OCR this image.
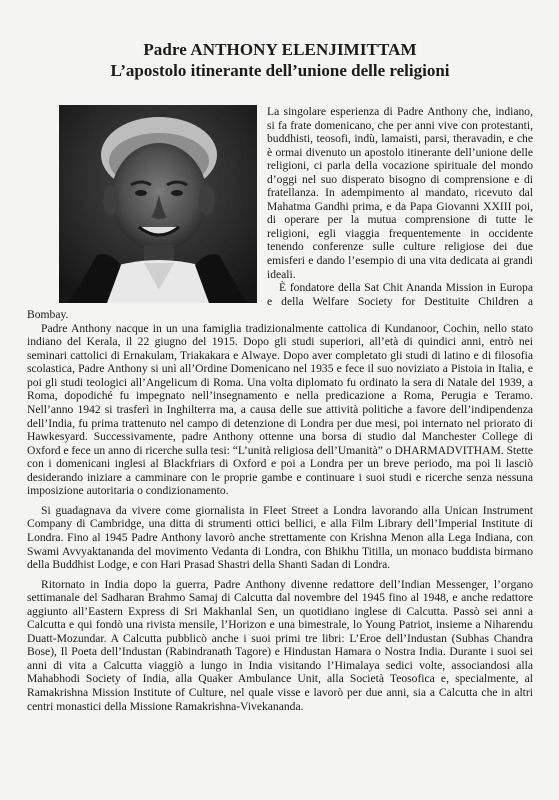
Padre ANTHONY ELENJIMITTAM
L’apostolo itinerante dell’unione delle religioni

La singolare esperienza di Padre Anthony che, indiano, si fa frate domenicano, che per anni vive con protestanti, buddhisti, teosofi, indù, lamaisti, parsi, theravadin, e che è ormai divenuto un apostolo itinerante dell’unione delle religioni, ci parla della vocazione spirituale del mondo d’oggi nel suo disperato bisogno di comprensione e di fratellanza. In adempimento al mandato, ricevuto dal Mahatma Gandhi prima, e da Papa Giovanni XXIII poi, di operare per la mutua comprensione di tutte le religioni, egli viaggia frequentemente in occidente tenendo conferenze sulle culture religiose dei due emisferi e dando l’esempio di una vita dedicata ai grandi ideali.

È fondatore della Sat Chit Ananda Mission in Europa e della Welfare Society for Destituite Children a Bombay.

Padre Anthony nacque in un una famiglia tradizionalmente cattolica di Kundanoor, Cochin, nello stato indiano del Kerala, il 22 giugno del 1915. Dopo gli studi superiori, all’età di quindici anni, entrò nei seminari cattolici di Ernakulam, Triakakara e Alwaye. Dopo aver completato gli studi di latino e di filosofia scolastica, Padre Anthony si unì all’Ordine Domenicano nel 1935 e fece il suo noviziato a Pistoia in Italia, e poi gli studi teologici all’Angelicum di Roma. Una volta diplomato fu ordinato la sera di Natale del 1939, a Roma, dopodiché fu impegnato nell’insegnamento e nella predicazione a Roma, Perugia e Teramo. Nell’anno 1942 si trasferì in Inghilterra ma, a causa delle sue attività politiche a favore dell’indipendenza dell’India, fu prima trattenuto nel campo di detenzione di Londra per due mesi, poi internato nel priorato di Hawkesyard. Successivamente, padre Anthony ottenne una borsa di studio dal Manchester College di Oxford e fece un anno di ricerche sulla tesi: “L’unità religiosa dell’Umanità” o DHARMADVITHAM. Stette con i domenicani inglesi al Blackfriars di Oxford e poi a Londra per un breve periodo, ma poi li lasciò desiderando iniziare a camminare con le proprie gambe e continuare i suoi studi e ricerche senza nessuna imposizione autoritaria o condizionamento.

Si guadagnava da vivere come giornalista in Fleet Street a Londra lavorando alla Unican Instrument Company di Cambridge, una ditta di strumenti ottici bellici, e alla Film Library dell’Imperial Institute di Londra. Fino al 1945 Padre Anthony lavorò anche strettamente con Krishna Menon alla Lega Indiana, con Swami Avvyaktananda del movimento Vedanta di Londra, con Bhikhu Titilla, un monaco buddista birmano della Buddhist Lodge, e con Hari Prasad Shastri della Shanti Sadan di Londra.

Ritornato in India dopo la guerra, Padre Anthony divenne redattore dell’Indian Messenger, l’organo settimanale del Sadharan Brahmo Samaj di Calcutta dal novembre del 1945 fino al 1948, e anche redattore aggiunto all’Eastern Express di Sri Makhanlal Sen, un quotidiano inglese di Calcutta. Passò sei anni a Calcutta e qui fondò una rivista mensile, l’Horizon e una bimestrale, lo Young Patriot, insieme a Niharendu Duatt-Mozundar. A Calcutta pubblicò anche i suoi primi tre libri: L’Eroe dell’Industan (Subhas Chandra Bose), Il Poeta dell’Industan (Rabindranath Tagore) e Hindustan Hamara o Nostra India. Durante i suoi sei anni di vita a Calcutta viaggiò a lungo in India visitando l’Himalaya sedici volte, associandosi alla Mahabhodi Society of India, alla Quaker Ambulance Unit, alla Società Teosofica e, specialmente, al Ramakrishna Mission Institute of Culture, nel quale visse e lavorò per due anni, sia a Calcutta che in altri centri monastici della Missione Ramakrishna-Vivekananda.
